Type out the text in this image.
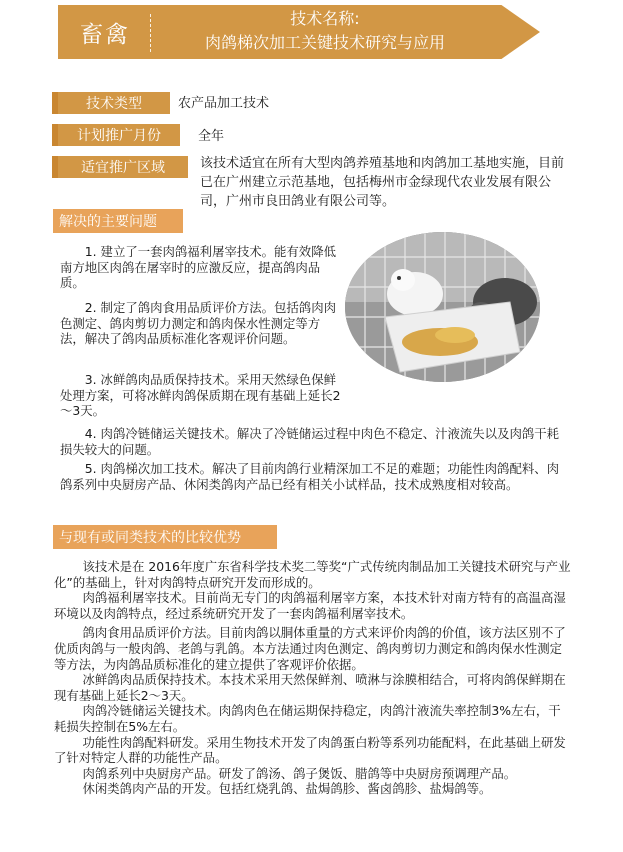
畜禽
技术名称:
肉鸽梯次加工关键技术研究与应用
技术类型	农产品加工技术
计划推广月份	全年
适宜推广区域	该技术适宜在所有大型肉鸽养殖基地和肉鸽加工基地实施，目前已在广州建立示范基地，包括梅州市金绿现代农业发展有限公司，广州市良田鸽业有限公司等。
解决的主要问题

1. 建立了一套肉鸽福利屠宰技术。能有效降低南方地区肉鸽在屠宰时的应激反应，提高鸽肉品质。

2. 制定了鸽肉食用品质评价方法。包括鸽肉肉色测定、鸽肉剪切力测定和鸽肉保水性测定等方法，解决了鸽肉品质标准化客观评价问题。

3. 冰鲜鸽肉品质保持技术。采用天然绿色保鲜处理方案，可将冰鲜肉鸽保质期在现有基础上延长2～3天。

4. 肉鸽冷链储运关键技术。解决了冷链储运过程中肉色不稳定、汁液流失以及肉鸽干耗损失较大的问题。

5. 肉鸽梯次加工技术。解决了目前肉鸽行业精深加工不足的难题；功能性肉鸽配料、肉鸽系列中央厨房产品、休闲类鸽肉产品已经有相关小试样品，技术成熟度相对较高。

与现有或同类技术的比较优势

该技术是在 2016年度广东省科学技术奖二等奖“广式传统肉制品加工关键技术研究与产业化”的基础上，针对肉鸽特点研究开发而形成的。

肉鸽福利屠宰技术。目前尚无专门的肉鸽福利屠宰方案，本技术针对南方特有的高温高湿环境以及肉鸽特点，经过系统研究开发了一套肉鸽福利屠宰技术。

鸽肉食用品质评价方法。目前肉鸽以胴体重量的方式来评价肉鸽的价值，该方法区别不了优质肉鸽与一般肉鸽、老鸽与乳鸽。本方法通过肉色测定、鸽肉剪切力测定和鸽肉保水性测定等方法，为肉鸽品质标准化的建立提供了客观评价依据。

冰鲜鸽肉品质保持技术。本技术采用天然保鲜剂、喷淋与涂膜相结合，可将肉鸽保鲜期在现有基础上延长2～3天。

肉鸽冷链储运关键技术。肉鸽肉色在储运期保持稳定，肉鸽汁液流失率控制3%左右，干耗损失控制在5%左右。

功能性肉鸽配料研发。采用生物技术开发了肉鸽蛋白粉等系列功能配料，在此基础上研发了针对特定人群的功能性产品。

肉鸽系列中央厨房产品。研发了鸽汤、鸽子煲饭、腊鸽等中央厨房预调理产品。

休闲类鸽肉产品的开发。包括红烧乳鸽、盐焗鸽胗、酱卤鸽胗、盐焗鸽等。
